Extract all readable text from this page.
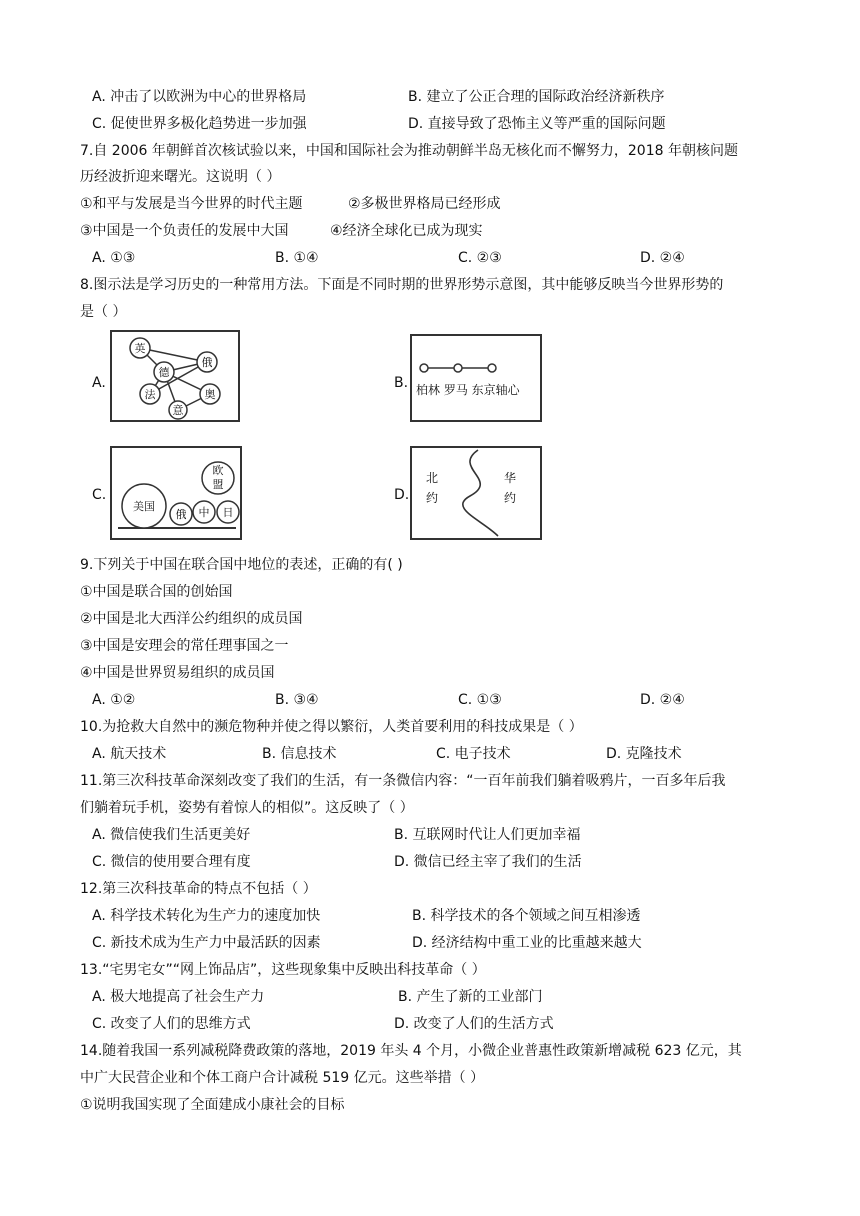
A. 冲击了以欧洲为中心的世界格局	B. 建立了公正合理的国际政治经济新秩序
C. 促使世界多极化趋势进一步加强	D. 直接导致了恐怖主义等严重的国际问题
7.自 2006 年朝鲜首次核试验以来，中国和国际社会为推动朝鲜半岛无核化而不懈努力，2018 年朝核问题
历经波折迎来曙光。这说明（ ）
①和平与发展是当今世界的时代主题	②多极世界格局已经形成
③中国是一个负责任的发展中大国	④经济全球化已成为现实
A. ①③	B. ①④	C. ②③	D. ②④
8.图示法是学习历史的一种常用方法。下面是不同时期的世界形势示意图，其中能够反映当今世界形势的
是（ ）
A.
英
俄
德
法	奥
意
B. 柏林 罗马 东京轴心
C.
美国
俄 中 日
欧
盟
D.
北
约
华
约
9.下列关于中国在联合国中地位的表述，正确的有( )
①中国是联合国的创始国
②中国是北大西洋公约组织的成员国
③中国是安理会的常任理事国之一
④中国是世界贸易组织的成员国
A. ①②	B. ③④	C. ①③	D. ②④
10.为抢救大自然中的濒危物种并使之得以繁衍，人类首要利用的科技成果是（ ）
A. 航天技术	B. 信息技术	C. 电子技术	D. 克隆技术
11.第三次科技革命深刻改变了我们的生活，有一条微信内容：“一百年前我们躺着吸鸦片，一百多年后我
们躺着玩手机，姿势有着惊人的相似”。这反映了（ ）
A. 微信使我们生活更美好	B. 互联网时代让人们更加幸福
C. 微信的使用要合理有度	D. 微信已经主宰了我们的生活
12.第三次科技革命的特点不包括（ ）
A. 科学技术转化为生产力的速度加快	B. 科学技术的各个领域之间互相渗透
C. 新技术成为生产力中最活跃的因素	D. 经济结构中重工业的比重越来越大
13.“宅男宅女”“网上饰品店”，这些现象集中反映出科技革命（ ）
A. 极大地提高了社会生产力	B. 产生了新的工业部门
C. 改变了人们的思维方式	D. 改变了人们的生活方式
14.随着我国一系列减税降费政策的落地，2019 年头 4 个月，小微企业普惠性政策新增减税 623 亿元，其
中广大民营企业和个体工商户合计减税 519 亿元。这些举措（ ）
①说明我国实现了全面建成小康社会的目标
